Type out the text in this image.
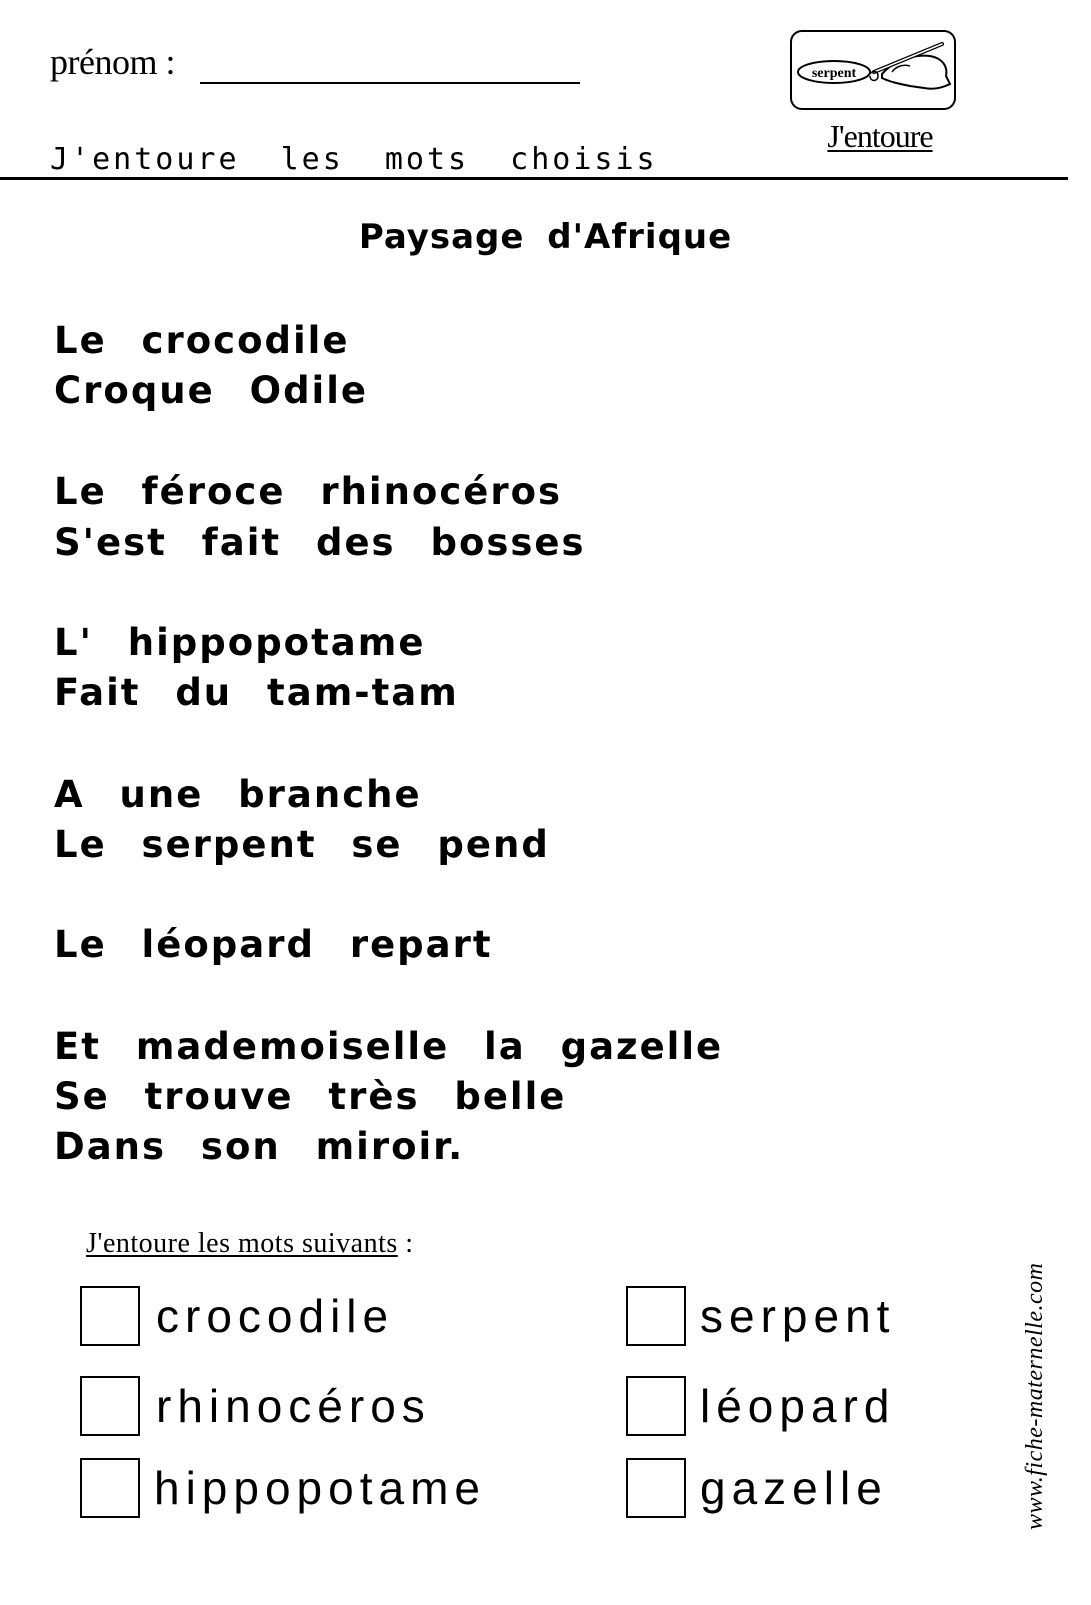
prénom :
J'entoure les mots choisis
serpent
J'entoure
Paysage d'Afrique
Le crocodile
Croque Odile
Le féroce rhinocéros
S'est fait des bosses
L' hippopotame
Fait du tam-tam
A une branche
Le serpent se pend
Le léopard repart
Et mademoiselle la gazelle
Se trouve très belle
Dans son miroir.
J'entoure les mots suivants :
crocodile
rhinocéros
hippopotame
serpent
léopard
gazelle	www.fiche-maternelle.com
